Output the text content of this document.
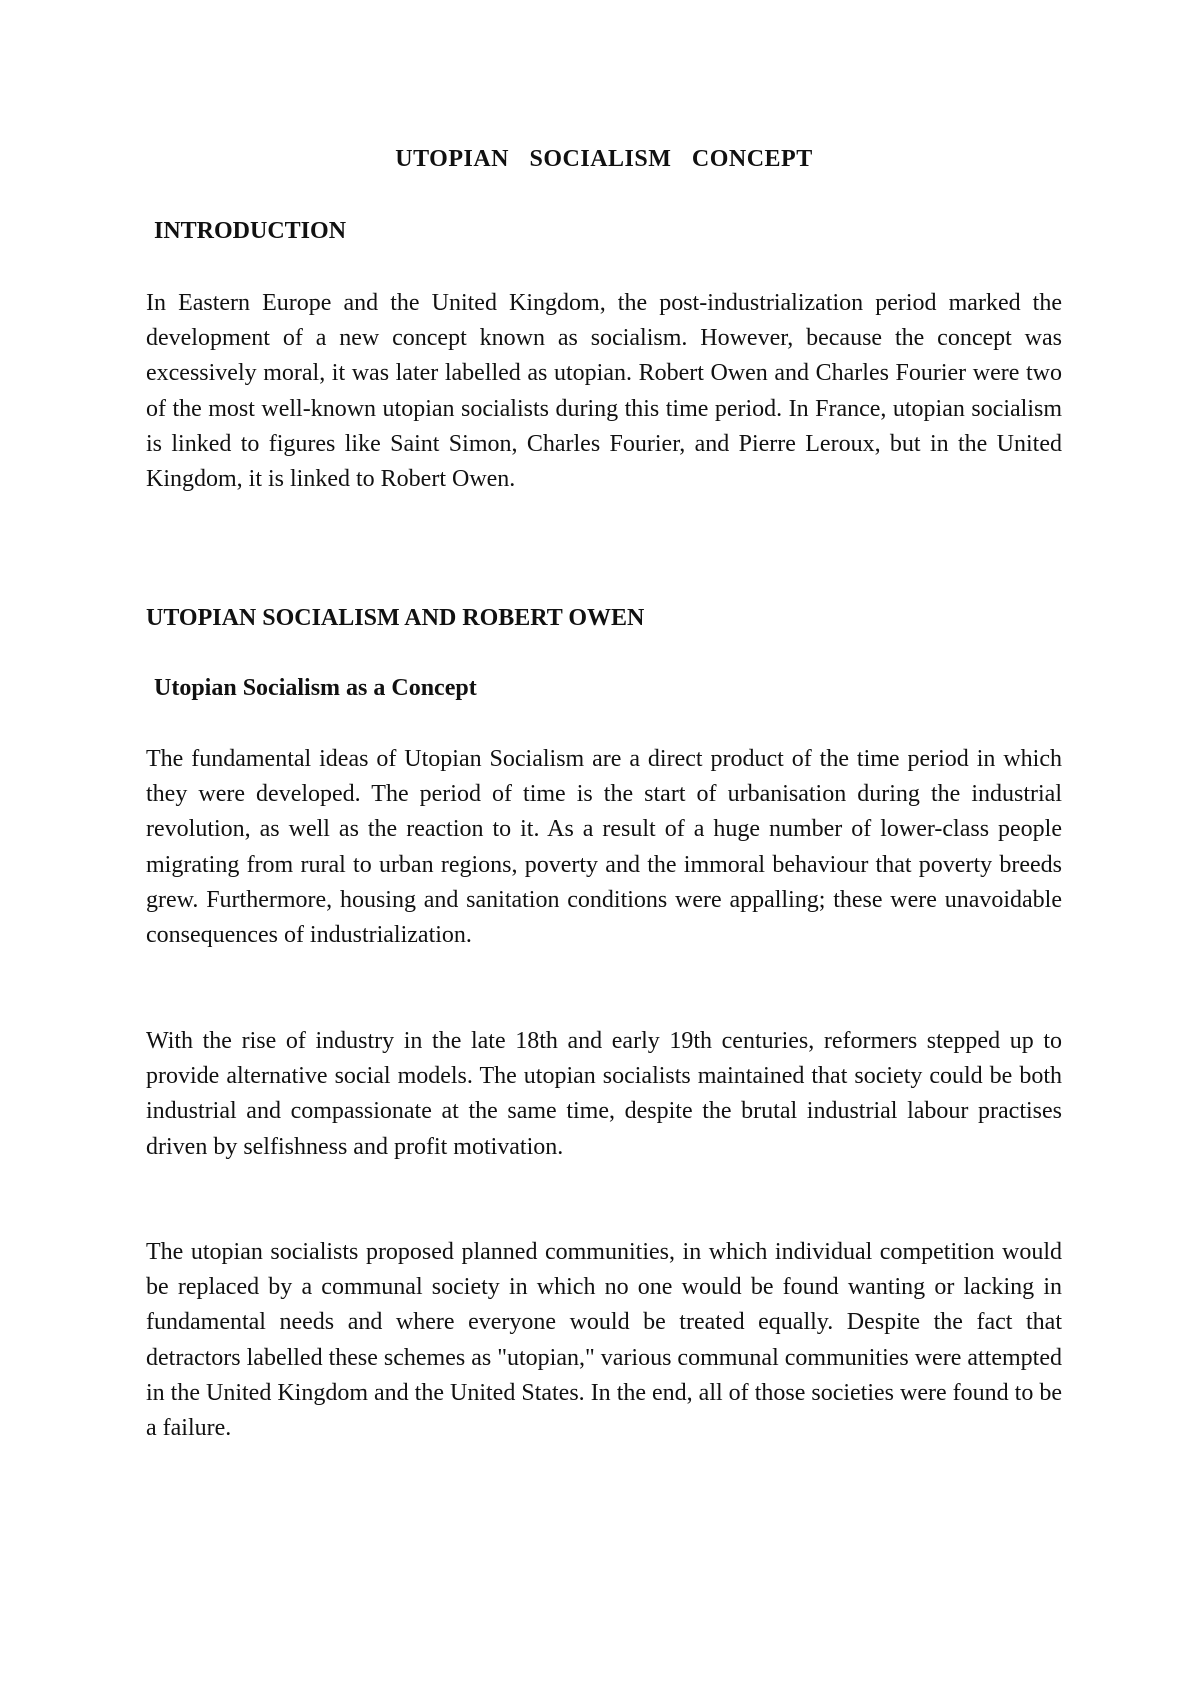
UTOPIAN SOCIALISM CONCEPT
INTRODUCTION

In Eastern Europe and the United Kingdom, the post-industrialization period marked the development of a new concept known as socialism. However, because the concept was excessively moral, it was later labelled as utopian. Robert Owen and Charles Fourier were two of the most well-known utopian socialists during this time period. In France, utopian socialism is linked to figures like Saint Simon, Charles Fourier, and Pierre Leroux, but in the United Kingdom, it is linked to Robert Owen.

UTOPIAN SOCIALISM AND ROBERT OWEN
Utopian Socialism as a Concept

The fundamental ideas of Utopian Socialism are a direct product of the time period in which they were developed. The period of time is the start of urbanisation during the industrial revolution, as well as the reaction to it. As a result of a huge number of lower-class people migrating from rural to urban regions, poverty and the immoral behaviour that poverty breeds grew. Furthermore, housing and sanitation conditions were appalling; these were unavoidable consequences of industrialization.

With the rise of industry in the late 18th and early 19th centuries, reformers stepped up to provide alternative social models. The utopian socialists maintained that society could be both industrial and compassionate at the same time, despite the brutal industrial labour practises driven by selfishness and profit motivation.

The utopian socialists proposed planned communities, in which individual competition would be replaced by a communal society in which no one would be found wanting or lacking in fundamental needs and where everyone would be treated equally. Despite the fact that detractors labelled these schemes as "utopian," various communal communities were attempted in the United Kingdom and the United States. In the end, all of those societies were found to be a failure.
